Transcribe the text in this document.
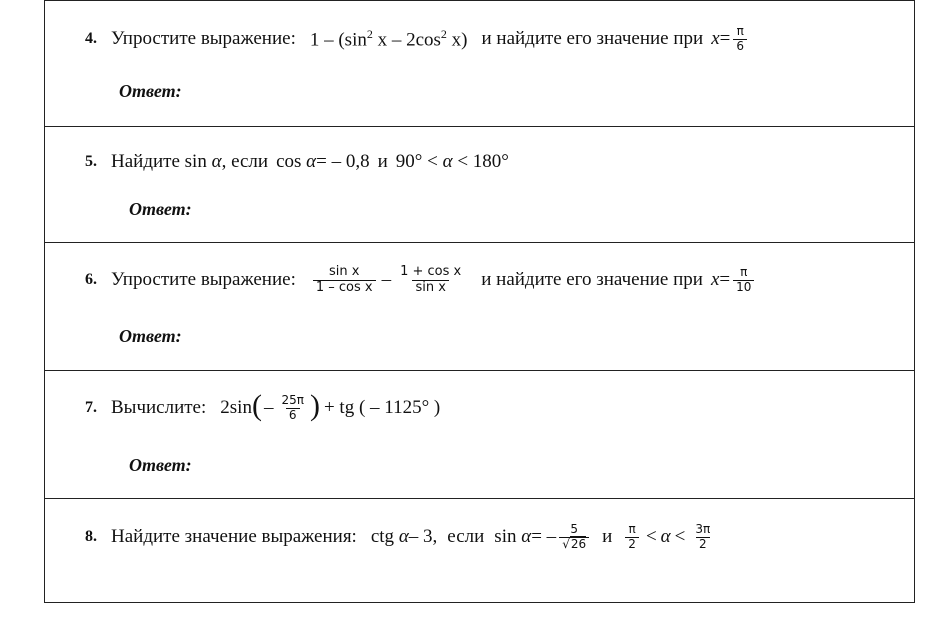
4. Упростите выражение: $1 - (\sin^2$ x – $2\cos^2$ x) и найдите его значение при $x = \frac{\pi}{6}$
Ответ:
5. Найдите sin
α , если cos
α = – 0,8 и 90° <
α
< 180°
Ответ:
6. Упростите выражение: $\frac{\text{sin x}}{\text{1 – cos x}} - \frac{\text{1 + cos x}}{\text{sin x}}$ и найдите его значение при $x = \frac{\pi}{10}$
Ответ:
7. Вычислите: 2sin ( – $\frac{25\pi}{6}$ ) + tg ( – 1125° )
Ответ:
8. Найдите значение выражения: ctg
α – 3, если sin
α = – $\frac{5}{√26}$ и $\frac{\pi}{2} < \alpha < \frac{3\pi}{2}$
